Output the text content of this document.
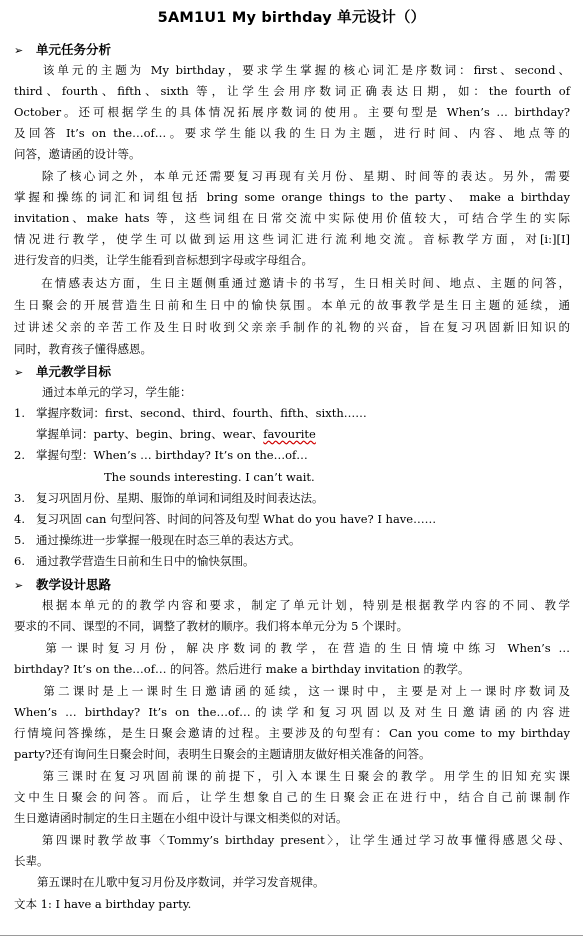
5AM1U1 My birthday 单元设计（）
➢ 单元任务分析
　　该单元的主题为 My birthday，要求学生掌握的核心词汇是序数词：first、second、
third、fourth、fifth、sixth 等，让学生会用序数词正确表达日期，如：the fourth of
October。还可根据学生的具体情况拓展序数词的使用。主要句型是 When’s … birthday?
及回答 It’s on the…of…。要求学生能以我的生日为主题，进行时间、内容、地点等的
问答，邀请函的设计等。
　　除了核心词之外，本单元还需要复习再现有关月份、星期、时间等的表达。另外，需要
掌握和操练的词汇和词组包括 bring some orange things to the party、 make a birthday
invitation、make hats 等，这些词组在日常交流中实际使用价值较大，可结合学生的实际
情况进行教学，使学生可以做到运用这些词汇进行流利地交流。音标教学方面，对[iː][I]
进行发音的归类，让学生能看到音标想到字母或字母组合。
　　在情感表达方面，生日主题侧重通过邀请卡的书写，生日相关时间、地点、主题的问答，
生日聚会的开展营造生日前和生日中的愉快氛围。本单元的故事教学是生日主题的延续，通
过讲述父亲的辛苦工作及生日时收到父亲亲手制作的礼物的兴奋，旨在复习巩固新旧知识的
同时，教育孩子懂得感恩。
➢ 单元教学目标
通过本单元的学习，学生能：
1. 掌握序数词：first、second、third、fourth、fifth、sixth……
掌握单词：party、begin、bring、wear、favourite
2. 掌握句型：When’s … birthday? It’s on the…of…
The sounds interesting. I can’t wait.
3. 复习巩固月份、星期、服饰的单词和词组及时间表达法。
4. 复习巩固 can 句型问答、时间的问答及句型 What do you have? I have……
5. 通过操练进一步掌握一般现在时态三单的表达方式。
6. 通过教学营造生日前和生日中的愉快氛围。
➢ 教学设计思路
　　根据本单元的的教学内容和要求，制定了单元计划，特别是根据教学内容的不同、教学
要求的不同、课型的不同，调整了教材的顺序。我们将本单元分为 5 个课时。
　　第一课时复习月份，解决序数词的教学，在营造的生日情境中练习 When’s …
birthday? It’s on the…of… 的问答。然后进行 make a birthday invitation 的教学。
　　第二课时是上一课时生日邀请函的延续，这一课时中，主要是对上一课时序数词及
When’s … birthday? It’s on the…of…的读学和复习巩固以及对生日邀请函的内容进
行情境问答操练，是生日聚会邀请的过程。主要涉及的句型有：Can you come to my birthday
party?还有询问生日聚会时间，表明生日聚会的主题请朋友做好相关准备的问答。
　　第三课时在复习巩固前课的前提下，引入本课生日聚会的教学。用学生的旧知充实课
文中生日聚会的问答。而后，让学生想象自己的生日聚会正在进行中，结合自己前课制作
生日邀请函时制定的生日主题在小组中设计与课文相类似的对话。
　　第四课时教学故事〈Tommy’s birthday present〉，让学生通过学习故事懂得感恩父母、
长辈。
　　第五课时在儿歌中复习月份及序数词，并学习发音规律。
文本 1: I have a birthday party.
